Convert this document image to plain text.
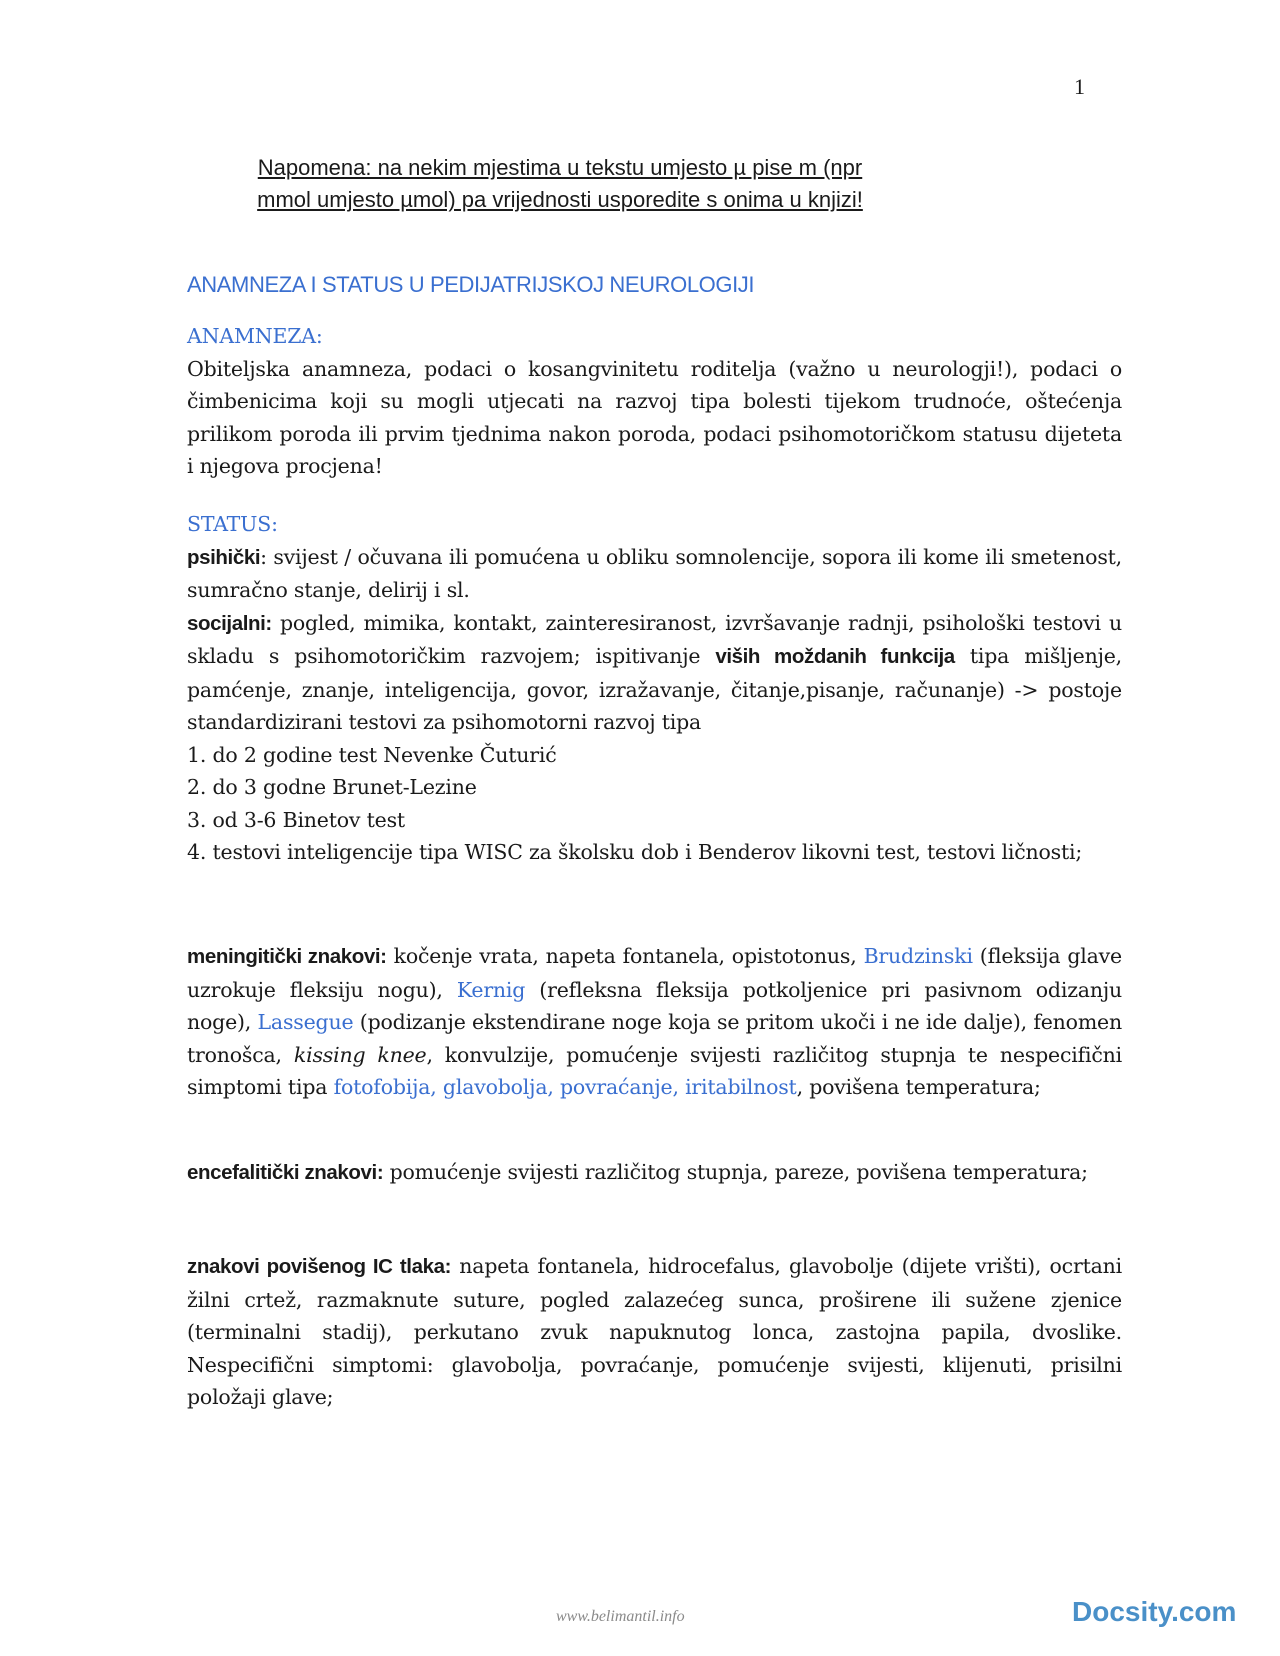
1
Napomena: na nekim mjestima u tekstu umjesto µ pise m (npr
mmol umjesto µmol) pa vrijednosti usporedite s onima u knjizi!
ANAMNEZA I STATUS U PEDIJATRIJSKOJ NEUROLOGIJI
ANAMNEZA:
Obiteljska anamneza, podaci o kosangvinitetu roditelja (važno u neurologji!), podaci o čimbenicima koji su mogli utjecati na razvoj tipa bolesti tijekom trudnoće, oštećenja prilikom poroda ili prvim tjednima nakon poroda, podaci psihomotoričkom statusu dijeteta i njegova procjena!
STATUS:
psihički: svijest / očuvana ili pomućena u obliku somnolencije, sopora ili kome ili smetenost, sumračno stanje, delirij i sl.
socijalni: pogled, mimika, kontakt, zainteresiranost, izvršavanje radnji, psihološki testovi u skladu s psihomotoričkim razvojem; ispitivanje viših moždanih funkcija tipa mišljenje, pamćenje, znanje, inteligencija, govor, izražavanje, čitanje,pisanje, računanje) -> postoje standardizirani testovi za psihomotorni razvoj tipa
1. do 2 godine test Nevenke Čuturić
2. do 3 godne Brunet-Lezine
3. od 3-6 Binetov test
4. testovi inteligencije tipa WISC za školsku dob i Benderov likovni test, testovi ličnosti;
meningitički znakovi: kočenje vrata, napeta fontanela, opistotonus, Brudzinski (fleksija glave uzrokuje fleksiju nogu), Kernig (refleksna fleksija potkoljenice pri pasivnom odizanju noge), Lassegue (podizanje ekstendirane noge koja se pritom ukoči i ne ide dalje), fenomen tronošca, kissing knee, konvulzije, pomućenje svijesti različitog stupnja te nespecifični simptomi tipa fotofobija, glavobolja, povraćanje, iritabilnost, povišena temperatura;
encefalitički znakovi: pomućenje svijesti različitog stupnja, pareze, povišena temperatura;
znakovi povišenog IC tlaka: napeta fontanela, hidrocefalus, glavobolje (dijete vrišti), ocrtani žilni crtež, razmaknute suture, pogled zalazećeg sunca, proširene ili sužene zjenice (terminalni stadij), perkutano zvuk napuknutog lonca, zastojna papila, dvoslike. Nespecifični simptomi: glavobolja, povraćanje, pomućenje svijesti, klijenuti, prisilni položaji glave;
www.belimantil.info	Docsity.com
